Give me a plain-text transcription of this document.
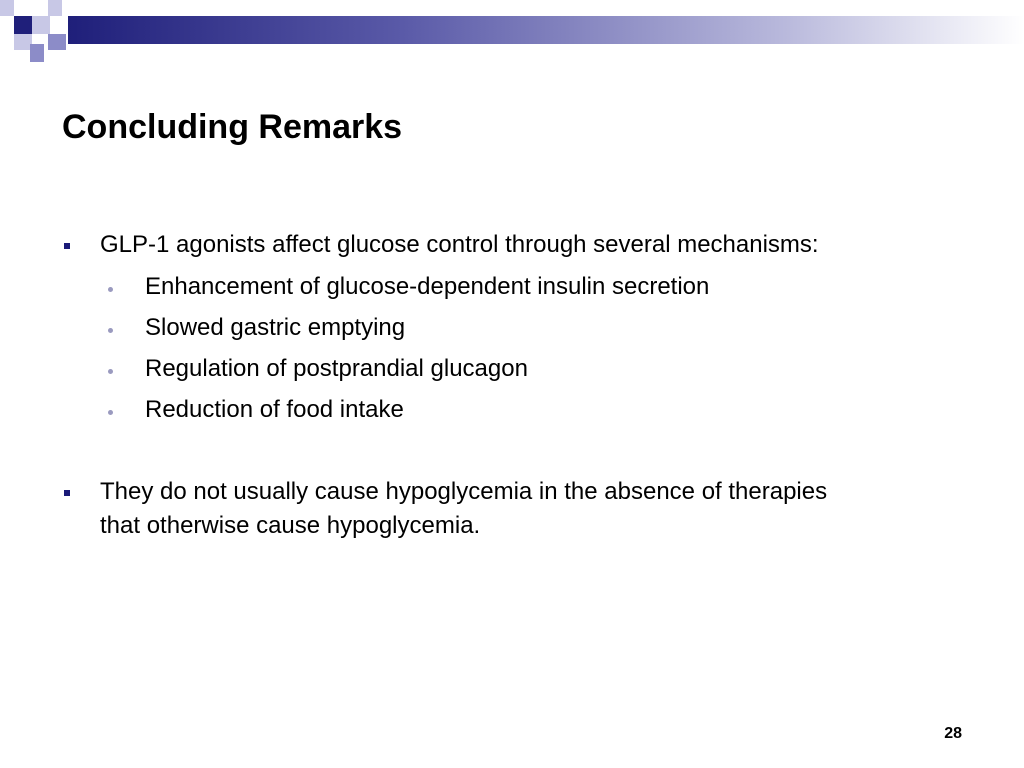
Concluding Remarks
GLP-1 agonists affect glucose control through several mechanisms:
Enhancement of glucose-dependent insulin secretion
Slowed gastric emptying
Regulation of postprandial glucagon
Reduction of food intake
They do not usually cause hypoglycemia in the absence of therapies
that otherwise cause hypoglycemia.
28
